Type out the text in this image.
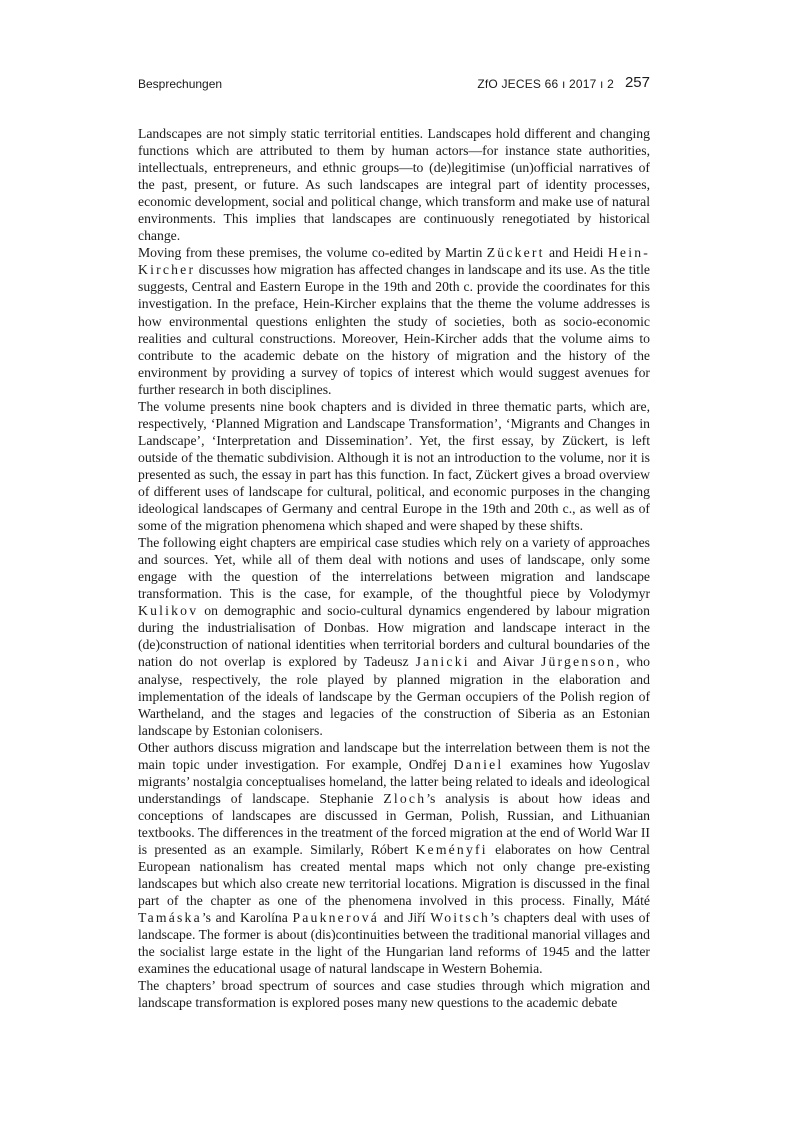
Besprechungen	ZfO JECES 66 ı 2017 ı 2 257

Landscapes are not simply static territorial entities. Landscapes hold different and changing functions which are attributed to them by human actors—for instance state authorities, intellectuals, entrepreneurs, and ethnic groups—to (de)legitimise (un)official narratives of the past, present, or future. As such landscapes are integral part of identity processes, economic development, social and political change, which transform and make use of natural environments. This implies that landscapes are continuously renegotiated by historical change.

Moving from these premises, the volume co-edited by Martin Zückert and Heidi Hein-Kircher discusses how migration has affected changes in landscape and its use. As the title suggests, Central and Eastern Europe in the 19th and 20th c. provide the coordinates for this investigation. In the preface, Hein-Kircher explains that the theme the volume addresses is how environmental questions enlighten the study of societies, both as socio-economic realities and cultural constructions. Moreover, Hein-Kircher adds that the volume aims to contribute to the academic debate on the history of migration and the history of the environment by providing a survey of topics of interest which would suggest avenues for further research in both disciplines.

The volume presents nine book chapters and is divided in three thematic parts, which are, respectively, ‘Planned Migration and Landscape Transformation’, ‘Migrants and Changes in Landscape’, ‘Interpretation and Dissemination’. Yet, the first essay, by Zückert, is left outside of the thematic subdivision. Although it is not an introduction to the volume, nor it is presented as such, the essay in part has this function. In fact, Zückert gives a broad overview of different uses of landscape for cultural, political, and economic purposes in the changing ideological landscapes of Germany and central Europe in the 19th and 20th c., as well as of some of the migration phenomena which shaped and were shaped by these shifts.

The following eight chapters are empirical case studies which rely on a variety of approaches and sources. Yet, while all of them deal with notions and uses of landscape, only some engage with the question of the interrelations between migration and landscape transformation. This is the case, for example, of the thoughtful piece by Volodymyr Kulikov on demographic and socio-cultural dynamics engendered by labour migration during the industrialisation of Donbas. How migration and landscape interact in the (de)construction of national identities when territorial borders and cultural boundaries of the nation do not overlap is explored by Tadeusz Janicki and Aivar Jürgenson, who analyse, respectively, the role played by planned migration in the elaboration and implementation of the ideals of landscape by the German occupiers of the Polish region of Wartheland, and the stages and legacies of the construction of Siberia as an Estonian landscape by Estonian colonisers.

Other authors discuss migration and landscape but the interrelation between them is not the main topic under investigation. For example, Ondřej Daniel examines how Yugoslav migrants’ nostalgia conceptualises homeland, the latter being related to ideals and ideological understandings of landscape. Stephanie Zloch’s analysis is about how ideas and conceptions of landscapes are discussed in German, Polish, Russian, and Lithuanian textbooks. The differences in the treatment of the forced migration at the end of World War II is presented as an example. Similarly, Róbert Keményfi elaborates on how Central European nationalism has created mental maps which not only change pre-existing landscapes but which also create new territorial locations. Migration is discussed in the final part of the chapter as one of the phenomena involved in this process. Finally, Máté Tamáska’s and Karolína Pauknerová and Jiří Woitsch’s chapters deal with uses of landscape. The former is about (dis)continuities between the traditional manorial villages and the socialist large estate in the light of the Hungarian land reforms of 1945 and the latter examines the educational usage of natural landscape in Western Bohemia.

The chapters’ broad spectrum of sources and case studies through which migration and landscape transformation is explored poses many new questions to the academic debate
